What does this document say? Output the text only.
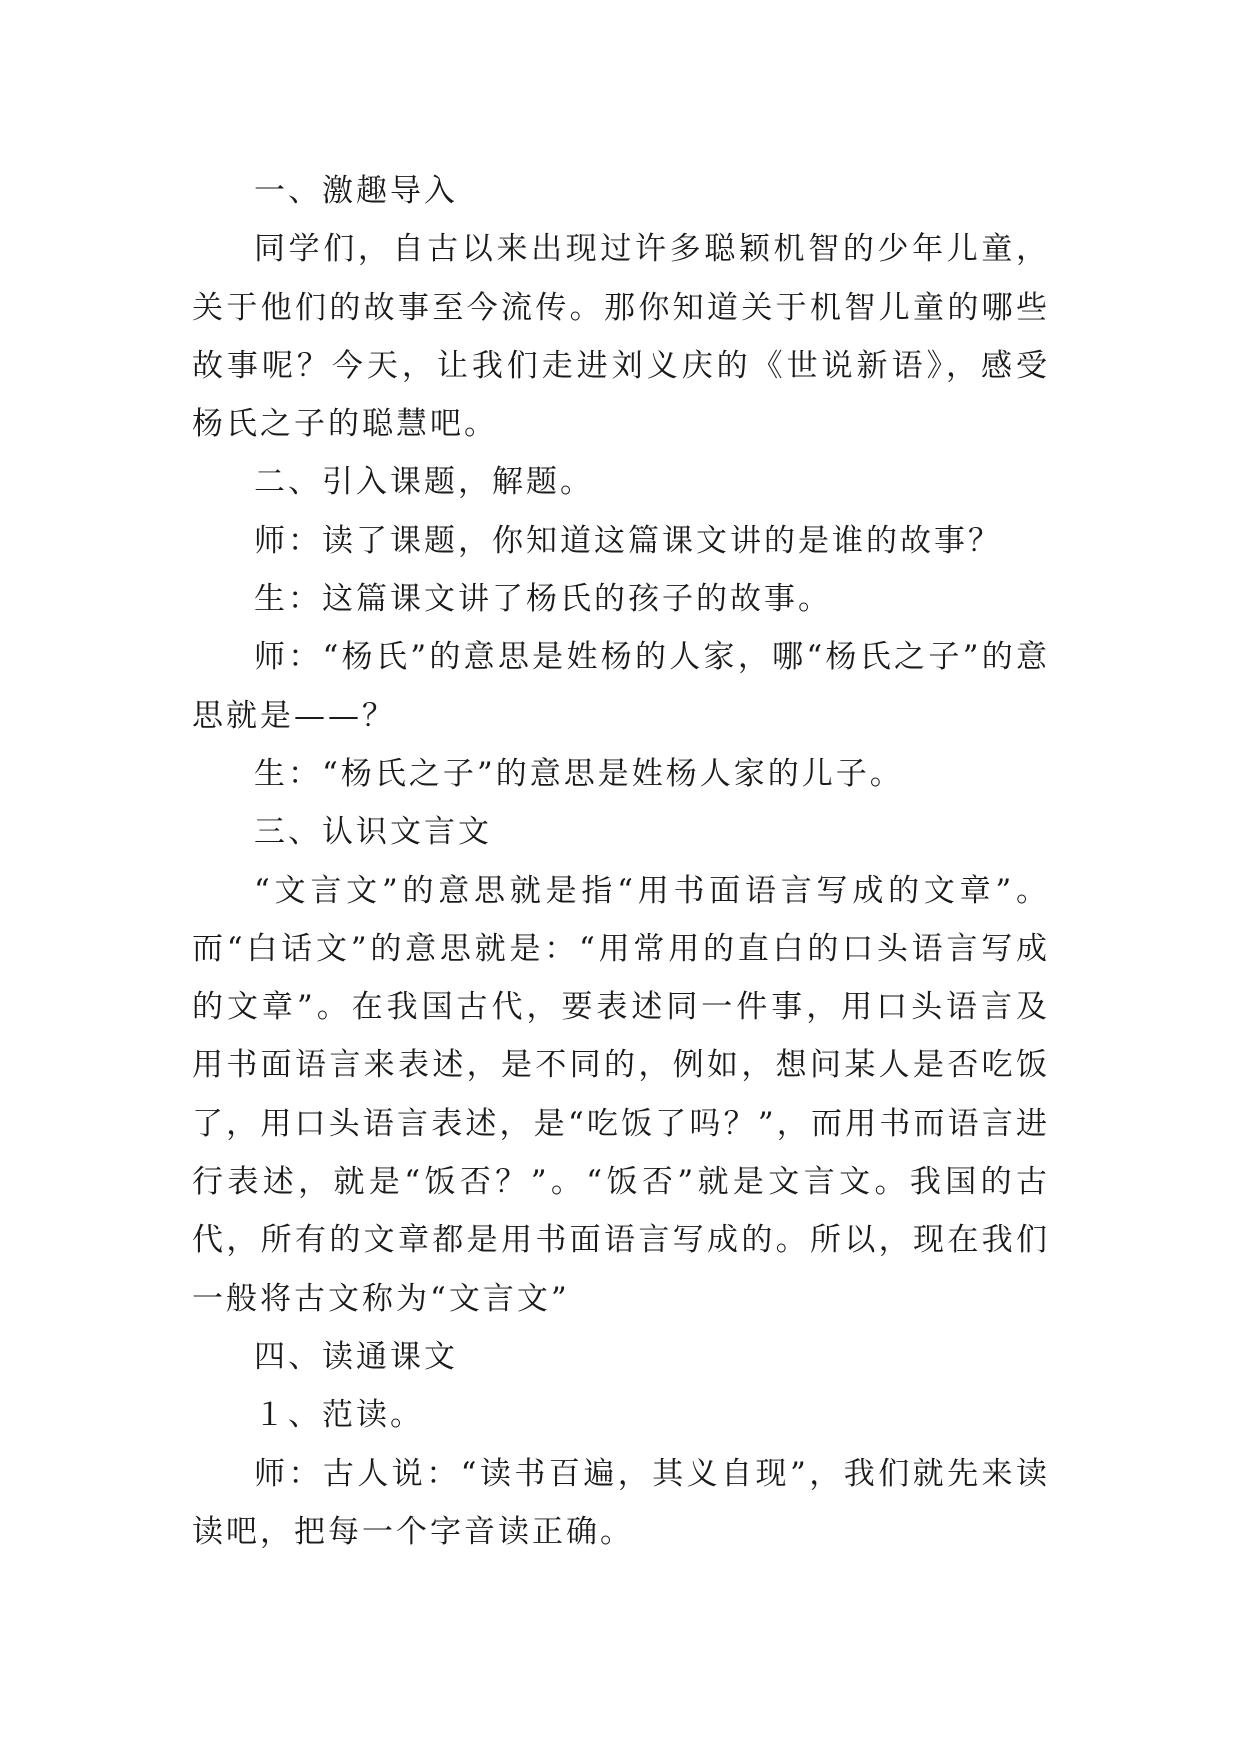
一、激趣导入

同学们，自古以来出现过许多聪颖机智的少年儿童，关于他们的故事至今流传。那你知道关于机智儿童的哪些故事呢？今天，让我们走进刘义庆的《世说新语》，感受杨氏之子的聪慧吧。

二、引入课题，解题。

师：读了课题，你知道这篇课文讲的是谁的故事？

生：这篇课文讲了杨氏的孩子的故事。

师：“杨氏”的意思是姓杨的人家，哪“杨氏之子”的意思就是——？

生：“杨氏之子”的意思是姓杨人家的儿子。

三、认识文言文

“文言文”的意思就是指“用书面语言写成的文章”。而“白话文”的意思就是：“用常用的直白的口头语言写成的文章”。在我国古代，要表述同一件事，用口头语言及用书面语言来表述，是不同的，例如，想问某人是否吃饭了，用口头语言表述，是“吃饭了吗？”，而用书而语言进行表述，就是“饭否？”。“饭否”就是文言文。我国的古代，所有的文章都是用书面语言写成的。所以，现在我们一般将古文称为“文言文”

四、读通课文

１、范读。

师：古人说：“读书百遍，其义自现”，我们就先来读读吧，把每一个字音读正确。
